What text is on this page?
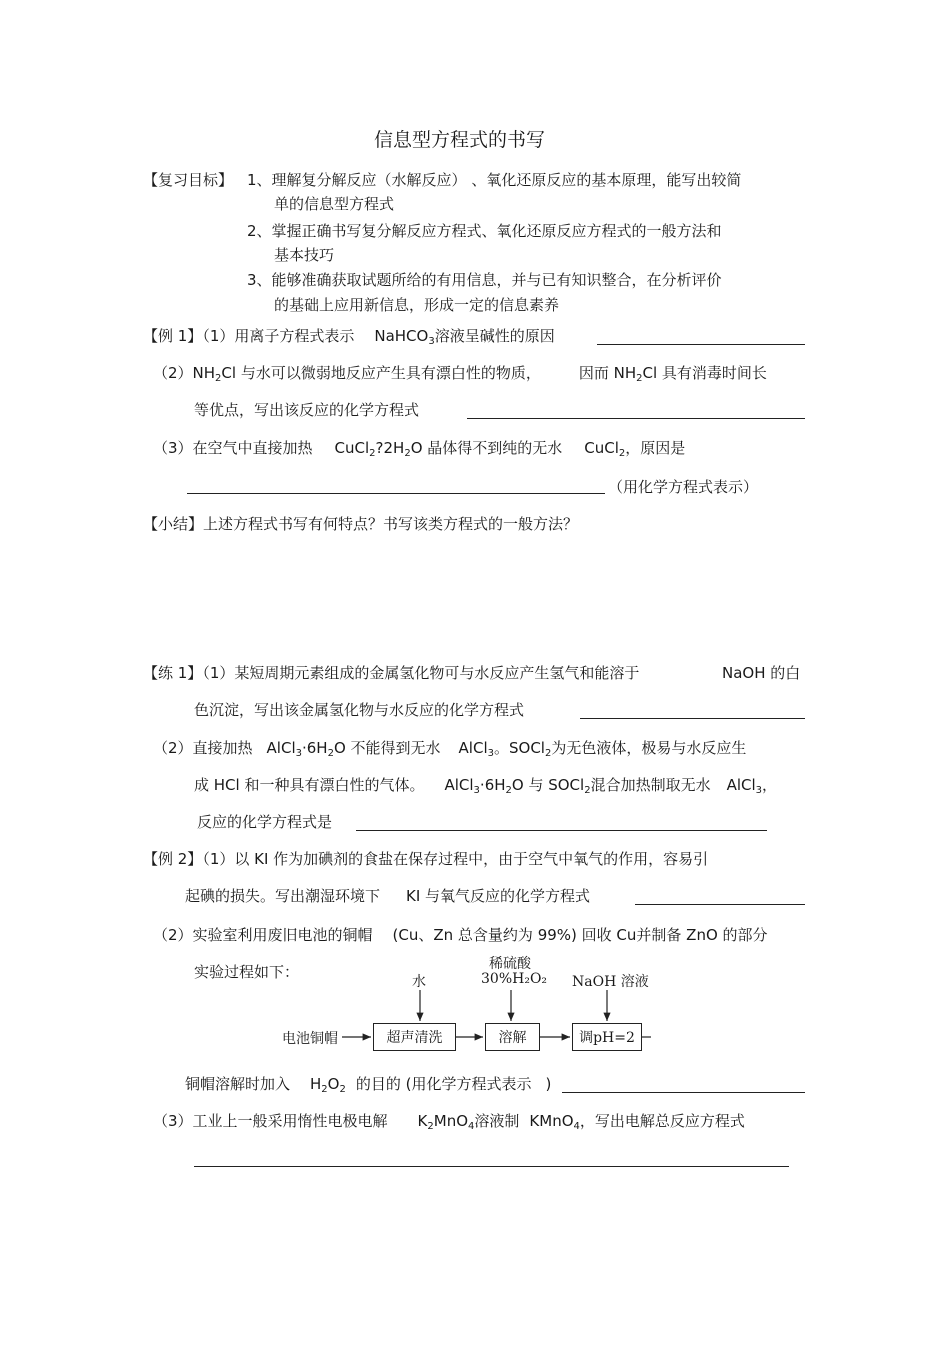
信息型方程式的书写
【复习目标】 1、理解复分解反应（水解反应） 、氧化还原反应的基本原理，能写出较简
单的信息型方程式
2、掌握正确书写复分解反应方程式、氧化还原反应方程式的一般方法和
基本技巧
3、能够准确获取试题所给的有用信息，并与已有知识整合，在分析评价
的基础上应用新信息，形成一定的信息素养
【例 1】（1）用离子方程式表示 NaHCO$_3$溶液呈碱性的原因
$(2)NH_2Cl$ 与水可以微弱地反应产生具有漂白性的物质，	因而 $NH_2Cl$ 具有消毒时间长
等优点，写出该反应的化学方程式
（3）在空气中直接加热 $CuCl_2?2H_2O$ 晶体得不到纯的无水 CuCl$_2$，原因是
（用化学方程式表示）
【小结】上述方程式书写有何特点？书写该类方程式的一般方法？
【练 1】（1）某短周期元素组成的金属氢化物可与水反应产生氢气和能溶于	NaOH 的白
色沉淀，写出该金属氢化物与水反应的化学方程式
（2）直接加热 $AlCl_3\cdot 6H_2O$ 不能得到无水 AlCl$_3$。SOCl$_2$为无色液体，极易与水反应生
成 HCl 和一种具有漂白性的气体。 $AlCl_3\cdot 6H_2O$ 与 SOCl$_2$混合加热制取无水 AlCl$_3$，
反应的化学方程式是
【例 2】（1）以 KI 作为加碘剂的食盐在保存过程中，由于空气中氧气的作用，容易引
起碘的损失。写出潮湿环境下 KI 与氧气反应的化学方程式
（2）实验室利用废旧电池的铜帽 (Cu、Zn 总含量约为 99%) 回收 Cu并制备 ZnO 的部分
实验过程如下：
电池铜帽	超声清洗	溶解	调pH=2
水
稀硫酸
30%H₂O₂ NaOH 溶液
铜帽溶解时加入 $H_2O_2$ 的目的 (用化学方程式表示 )
（3）工业上一般采用惰性电极电解 $K_2MnO_4$溶液制 KMnO$_4$，写出电解总反应方程式
